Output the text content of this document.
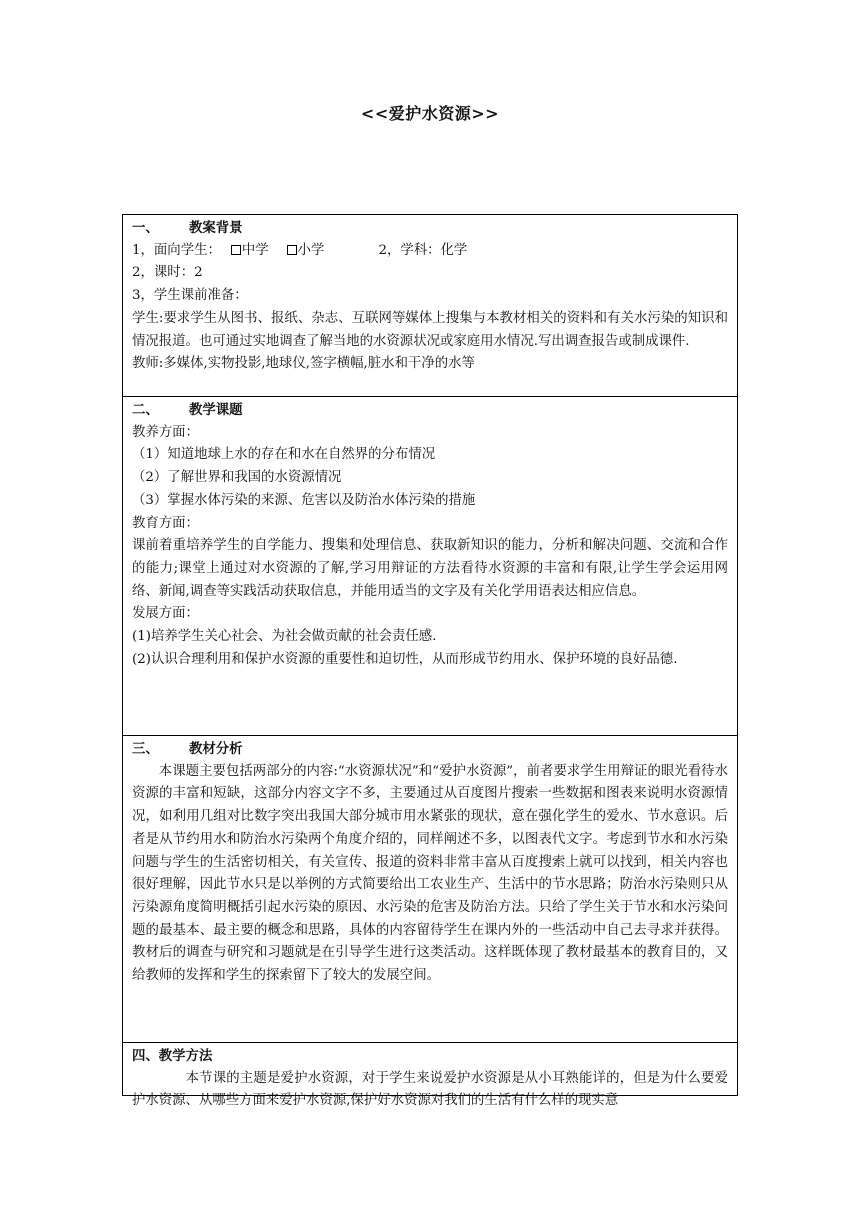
<<爱护水资源>>
一、 教案背景
1，面向学生： 中学 小学	2，学科：化学
2，课时：2
3，学生课前准备：
学生:要求学生从图书、报纸、杂志、互联网等媒体上搜集与本教材相关的资料和有关水污染的知识和情况报道。也可通过实地调查了解当地的水资源状况或家庭用水情况.写出调查报告或制成课件.
教师:多媒体,实物投影,地球仪,签字横幅,脏水和干净的水等
二、 教学课题
教养方面：
（1）知道地球上水的存在和水在自然界的分布情况
（2）了解世界和我国的水资源情况
（3）掌握水体污染的来源、危害以及防治水体污染的措施
教育方面：
课前着重培养学生的自学能力、搜集和处理信息、获取新知识的能力，分析和解决问题、交流和合作的能力;课堂上通过对水资源的了解,学习用辩证的方法看待水资源的丰富和有限,让学生学会运用网络、新闻,调查等实践活动获取信息，并能用适当的文字及有关化学用语表达相应信息。
发展方面：
(1)培养学生关心社会、为社会做贡献的社会责任感.
(2)认识合理利用和保护水资源的重要性和迫切性，从而形成节约用水、保护环境的良好品德.
三、 教材分析
本课题主要包括两部分的内容:“水资源状况”和“爱护水资源”，前者要求学生用辩证的眼光看待水资源的丰富和短缺，这部分内容文字不多，主要通过从百度图片搜索一些数据和图表来说明水资源情况，如利用几组对比数字突出我国大部分城市用水紧张的现状，意在强化学生的爱水、节水意识。后者是从节约用水和防治水污染两个角度介绍的，同样阐述不多，以图表代文字。考虑到节水和水污染问题与学生的生活密切相关，有关宣传、报道的资料非常丰富从百度搜索上就可以找到，相关内容也很好理解，因此节水只是以举例的方式简要给出工农业生产、生活中的节水思路；防治水污染则只从污染源角度简明概括引起水污染的原因、水污染的危害及防治方法。只给了学生关于节水和水污染问题的最基本、最主要的概念和思路，具体的内容留待学生在课内外的一些活动中自己去寻求并获得。教材后的调查与研究和习题就是在引导学生进行这类活动。这样既体现了教材最基本的教育目的，又给教师的发挥和学生的探索留下了较大的发展空间。
四、教学方法
本节课的主题是爱护水资源，对于学生来说爱护水资源是从小耳熟能详的，但是为什么要爱护水资源、从哪些方面来爱护水资源,保护好水资源对我们的生活有什么样的现实意
